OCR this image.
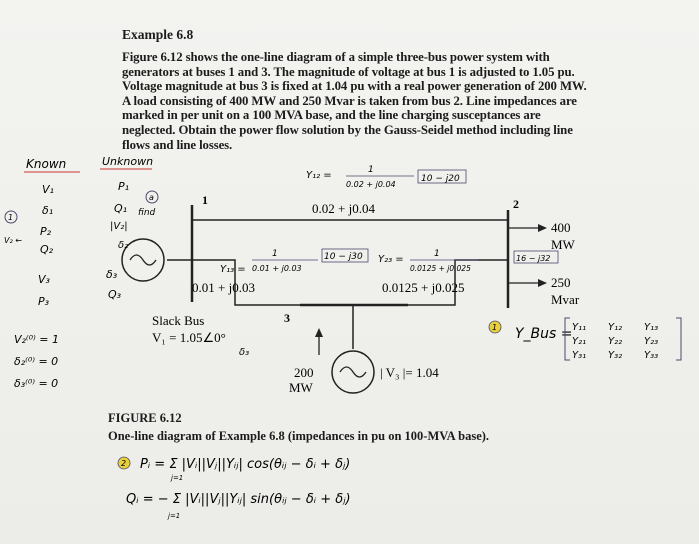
Example 6.8
Figure 6.12 shows the one-line diagram of a simple three-bus power system with generators at buses 1 and 3. The magnitude of voltage at bus 1 is adjusted to 1.05 pu. Voltage magnitude at bus 3 is fixed at 1.04 pu with a real power generation of 200 MW. A load consisting of 400 MW and 250 Mvar is taken from bus 2. Line impedances are marked in per unit on a 100 MVA base, and the line charging susceptances are neglected. Obtain the power flow solution by the Gauss-Seidel method including line flows and line losses.
1	2
3
0.02 + j0.04
0.01 + j0.03	0.0125 + j0.025
Slack Bus
V₁ = 1.05∠0°
200
MW
| V₃ |= 1.04
400
MW
250
Mvar
Known	Unknown
V₁
δ₁
P₂
Q₂
V₃
P₃
P₁
Q₁
|V₂|
δ₂
δ₃
Q₃
find
a
1
V₂ ←
V₂⁽⁰⁾ = 1
δ₂⁽⁰⁾ = 0
δ₃⁽⁰⁾ = 0
Y₁₂ =	1
0.02 + j0.04
10 − j20
Y₁₃ =
1
0.01 + j0.03
10 − j30 Y₂₃ =	1
0.0125 + j0.025
16 − j32
δ₃
1 Y_Bus = Y₁₁ Y₁₂ Y₁₃
Y₂₁ Y₂₂ Y₂₃
Y₃₁ Y₃₂ Y₃₃
2 Pᵢ = Σ |Vᵢ||Vⱼ||Yᵢⱼ| cos(θᵢⱼ − δᵢ + δⱼ)
Qᵢ = − Σ |Vᵢ||Vⱼ||Yᵢⱼ| sin(θᵢⱼ − δᵢ + δⱼ)
j=1
j=1
FIGURE 6.12
One-line diagram of Example 6.8 (impedances in pu on 100-MVA base).
